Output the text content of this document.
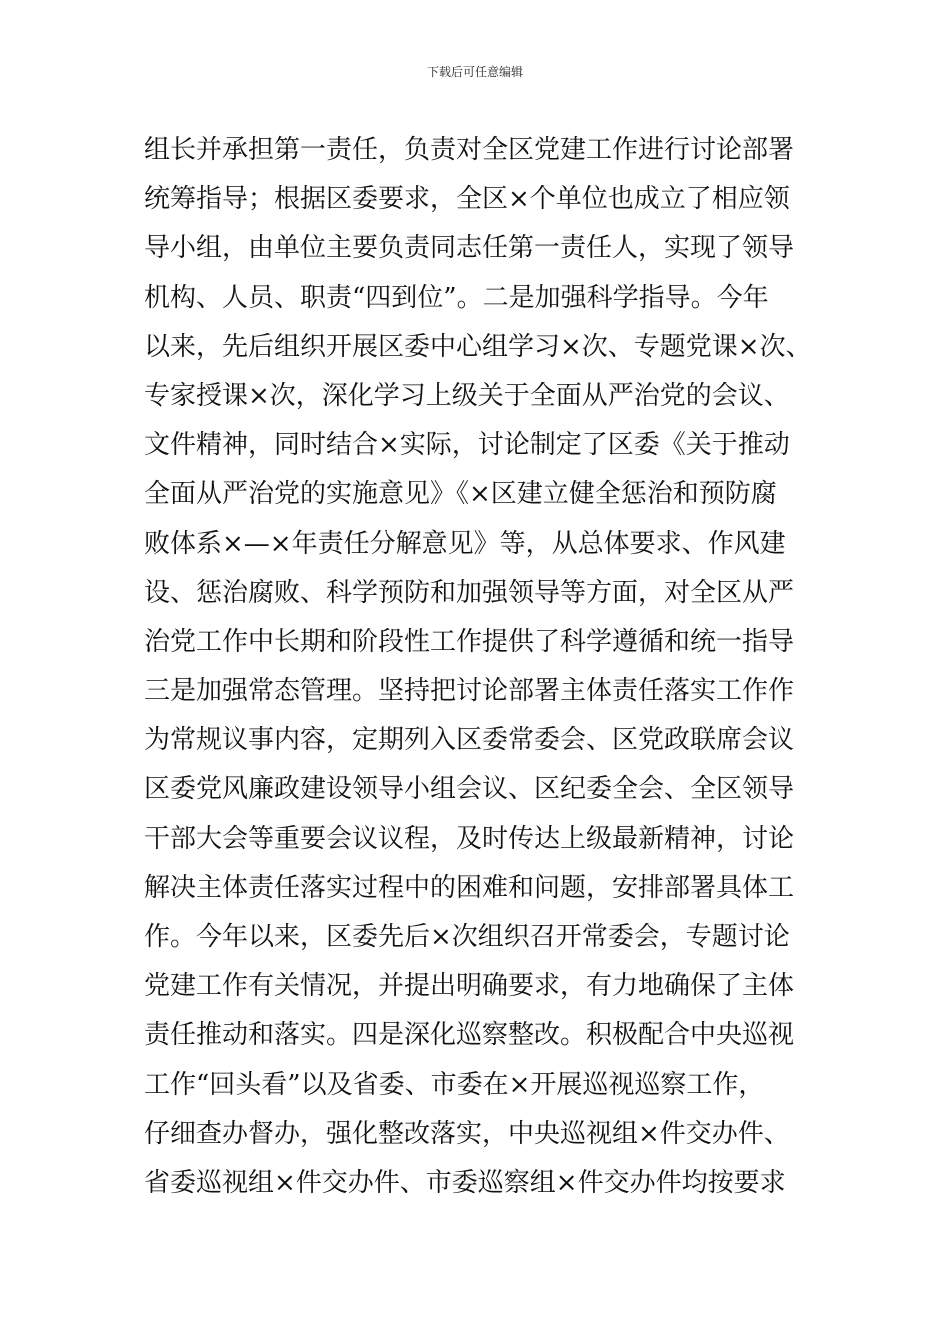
下载后可任意编辑
组长并承担第一责任，负责对全区党建工作进行讨论部署
统筹指导；根据区委要求，全区×个单位也成立了相应领
导小组，由单位主要负责同志任第一责任人，实现了领导
机构、人员、职责“四到位”。二是加强科学指导。今年
以来，先后组织开展区委中心组学习×次、专题党课×次、
专家授课×次，深化学习上级关于全面从严治党的会议、
文件精神，同时结合×实际，讨论制定了区委《关于推动
全面从严治党的实施意见》《×区建立健全惩治和预防腐
败体系×—×年责任分解意见》等，从总体要求、作风建
设、惩治腐败、科学预防和加强领导等方面，对全区从严
治党工作中长期和阶段性工作提供了科学遵循和统一指导
三是加强常态管理。坚持把讨论部署主体责任落实工作作
为常规议事内容，定期列入区委常委会、区党政联席会议
区委党风廉政建设领导小组会议、区纪委全会、全区领导
干部大会等重要会议议程，及时传达上级最新精神，讨论
解决主体责任落实过程中的困难和问题，安排部署具体工
作。今年以来，区委先后×次组织召开常委会，专题讨论
党建工作有关情况，并提出明确要求，有力地确保了主体
责任推动和落实。四是深化巡察整改。积极配合中央巡视
工作“回头看”以及省委、市委在×开展巡视巡察工作，
仔细查办督办，强化整改落实，中央巡视组×件交办件、
省委巡视组×件交办件、市委巡察组×件交办件均按要求
